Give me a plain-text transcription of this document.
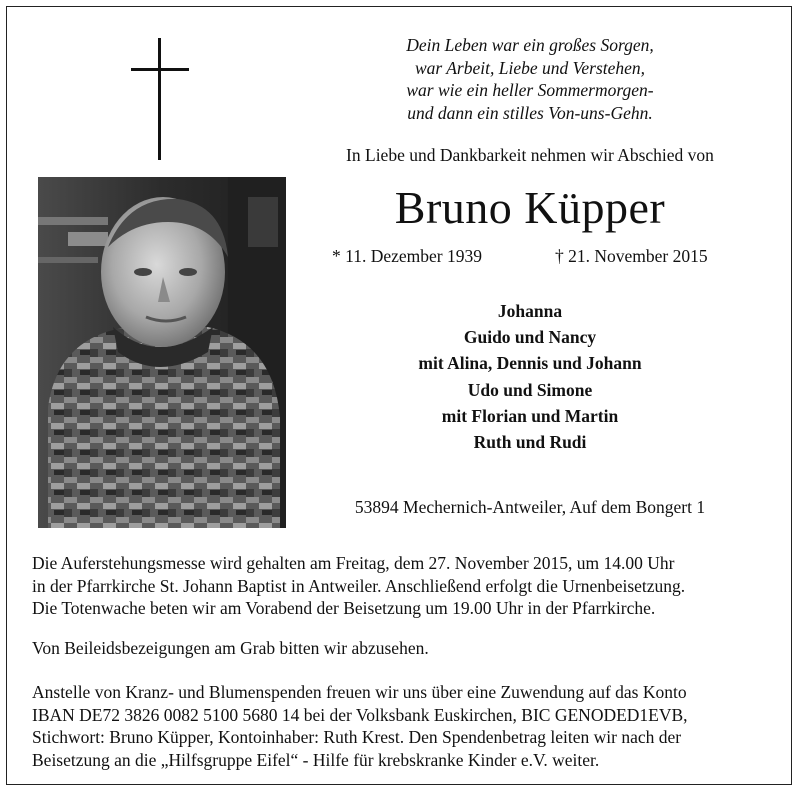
Dein Leben war ein großes Sorgen,
war Arbeit, Liebe und Verstehen,
war wie ein heller Sommermorgen-
und dann ein stilles Von-uns-Gehn.
In Liebe und Dankbarkeit nehmen wir Abschied von
Bruno Küpper
* 11. Dezember 1939	† 21. November 2015
Johanna
Guido und Nancy
mit Alina, Dennis und Johann
Udo und Simone
mit Florian und Martin
Ruth und Rudi
53894 Mechernich-Antweiler, Auf dem Bongert 1
Die Auferstehungsmesse wird gehalten am Freitag, dem 27. November 2015, um 14.00 Uhr
in der Pfarrkirche St. Johann Baptist in Antweiler. Anschließend erfolgt die Urnenbeisetzung.
Die Totenwache beten wir am Vorabend der Beisetzung um 19.00 Uhr in der Pfarrkirche.
Von Beileidsbezeigungen am Grab bitten wir abzusehen.
Anstelle von Kranz- und Blumenspenden freuen wir uns über eine Zuwendung auf das Konto
IBAN DE72 3826 0082 5100 5680 14 bei der Volksbank Euskirchen, BIC GENODED1EVB,
Stichwort: Bruno Küpper, Kontoinhaber: Ruth Krest. Den Spendenbetrag leiten wir nach der
Beisetzung an die „Hilfsgruppe Eifel“ - Hilfe für krebskranke Kinder e.V. weiter.
